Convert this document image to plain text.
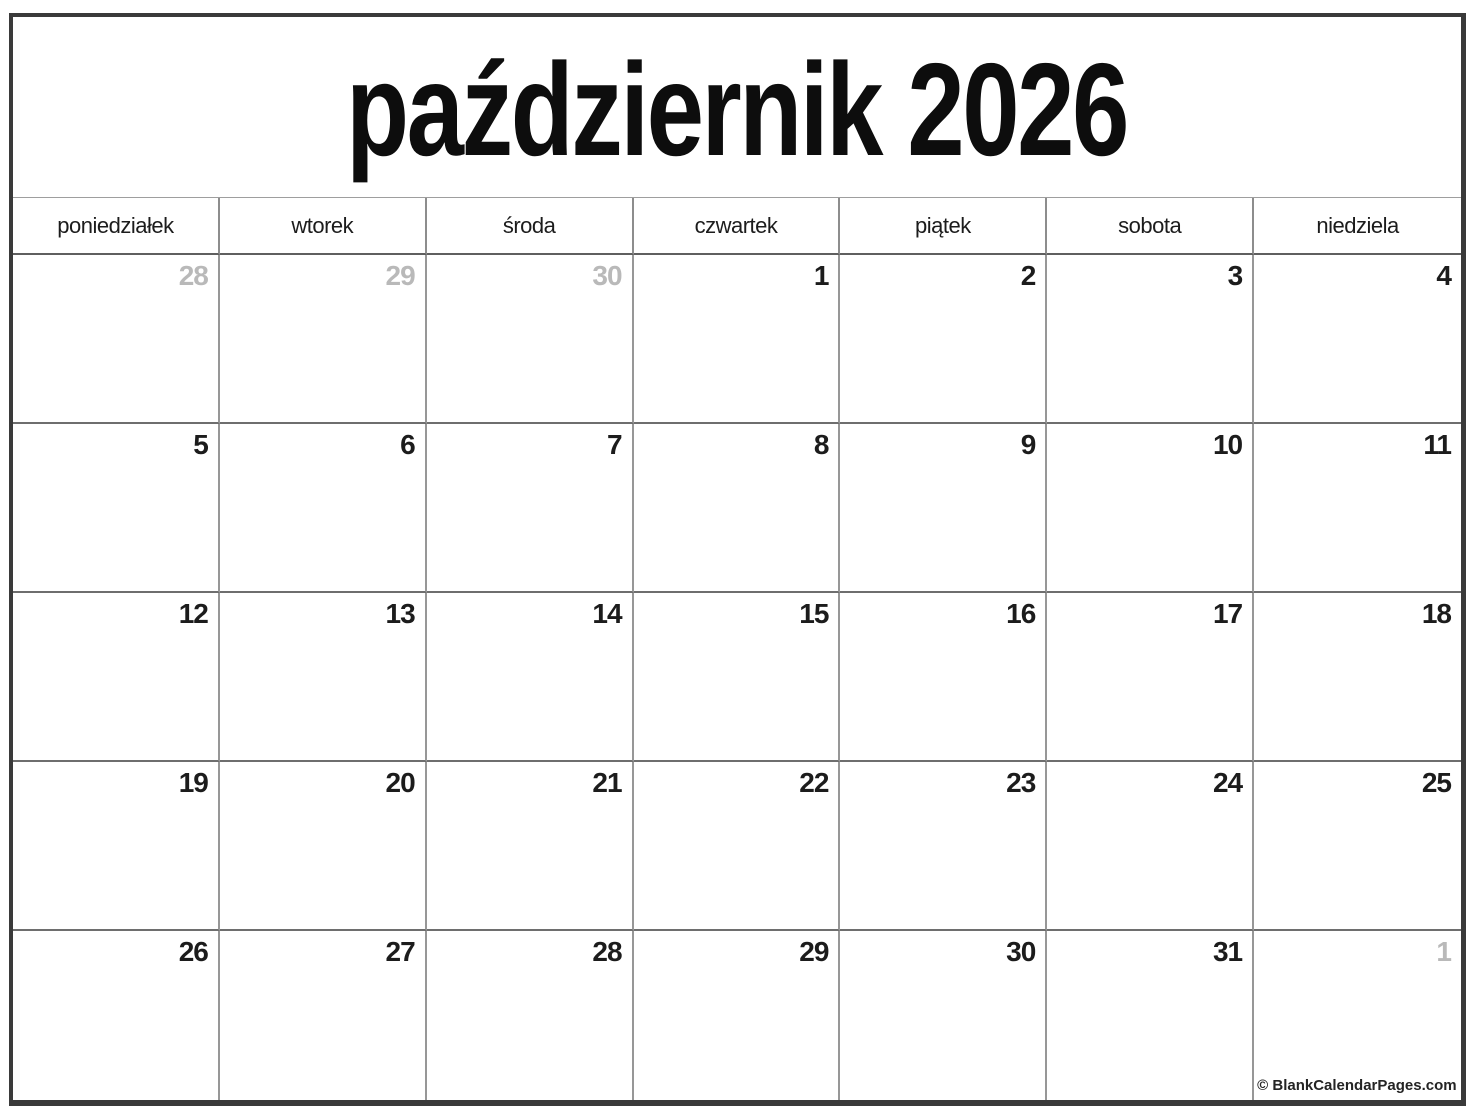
październik 2026
poniedziałek	wtorek	środa	czwartek	piątek	sobota	niedziela
28	29	30	1	2	3	4
5	6	7	8	9	10	11
12	13	14	15	16	17	18
19	20	21	22	23	24	25
26	27	28	29	30	31	1
© BlankCalendarPages.com
